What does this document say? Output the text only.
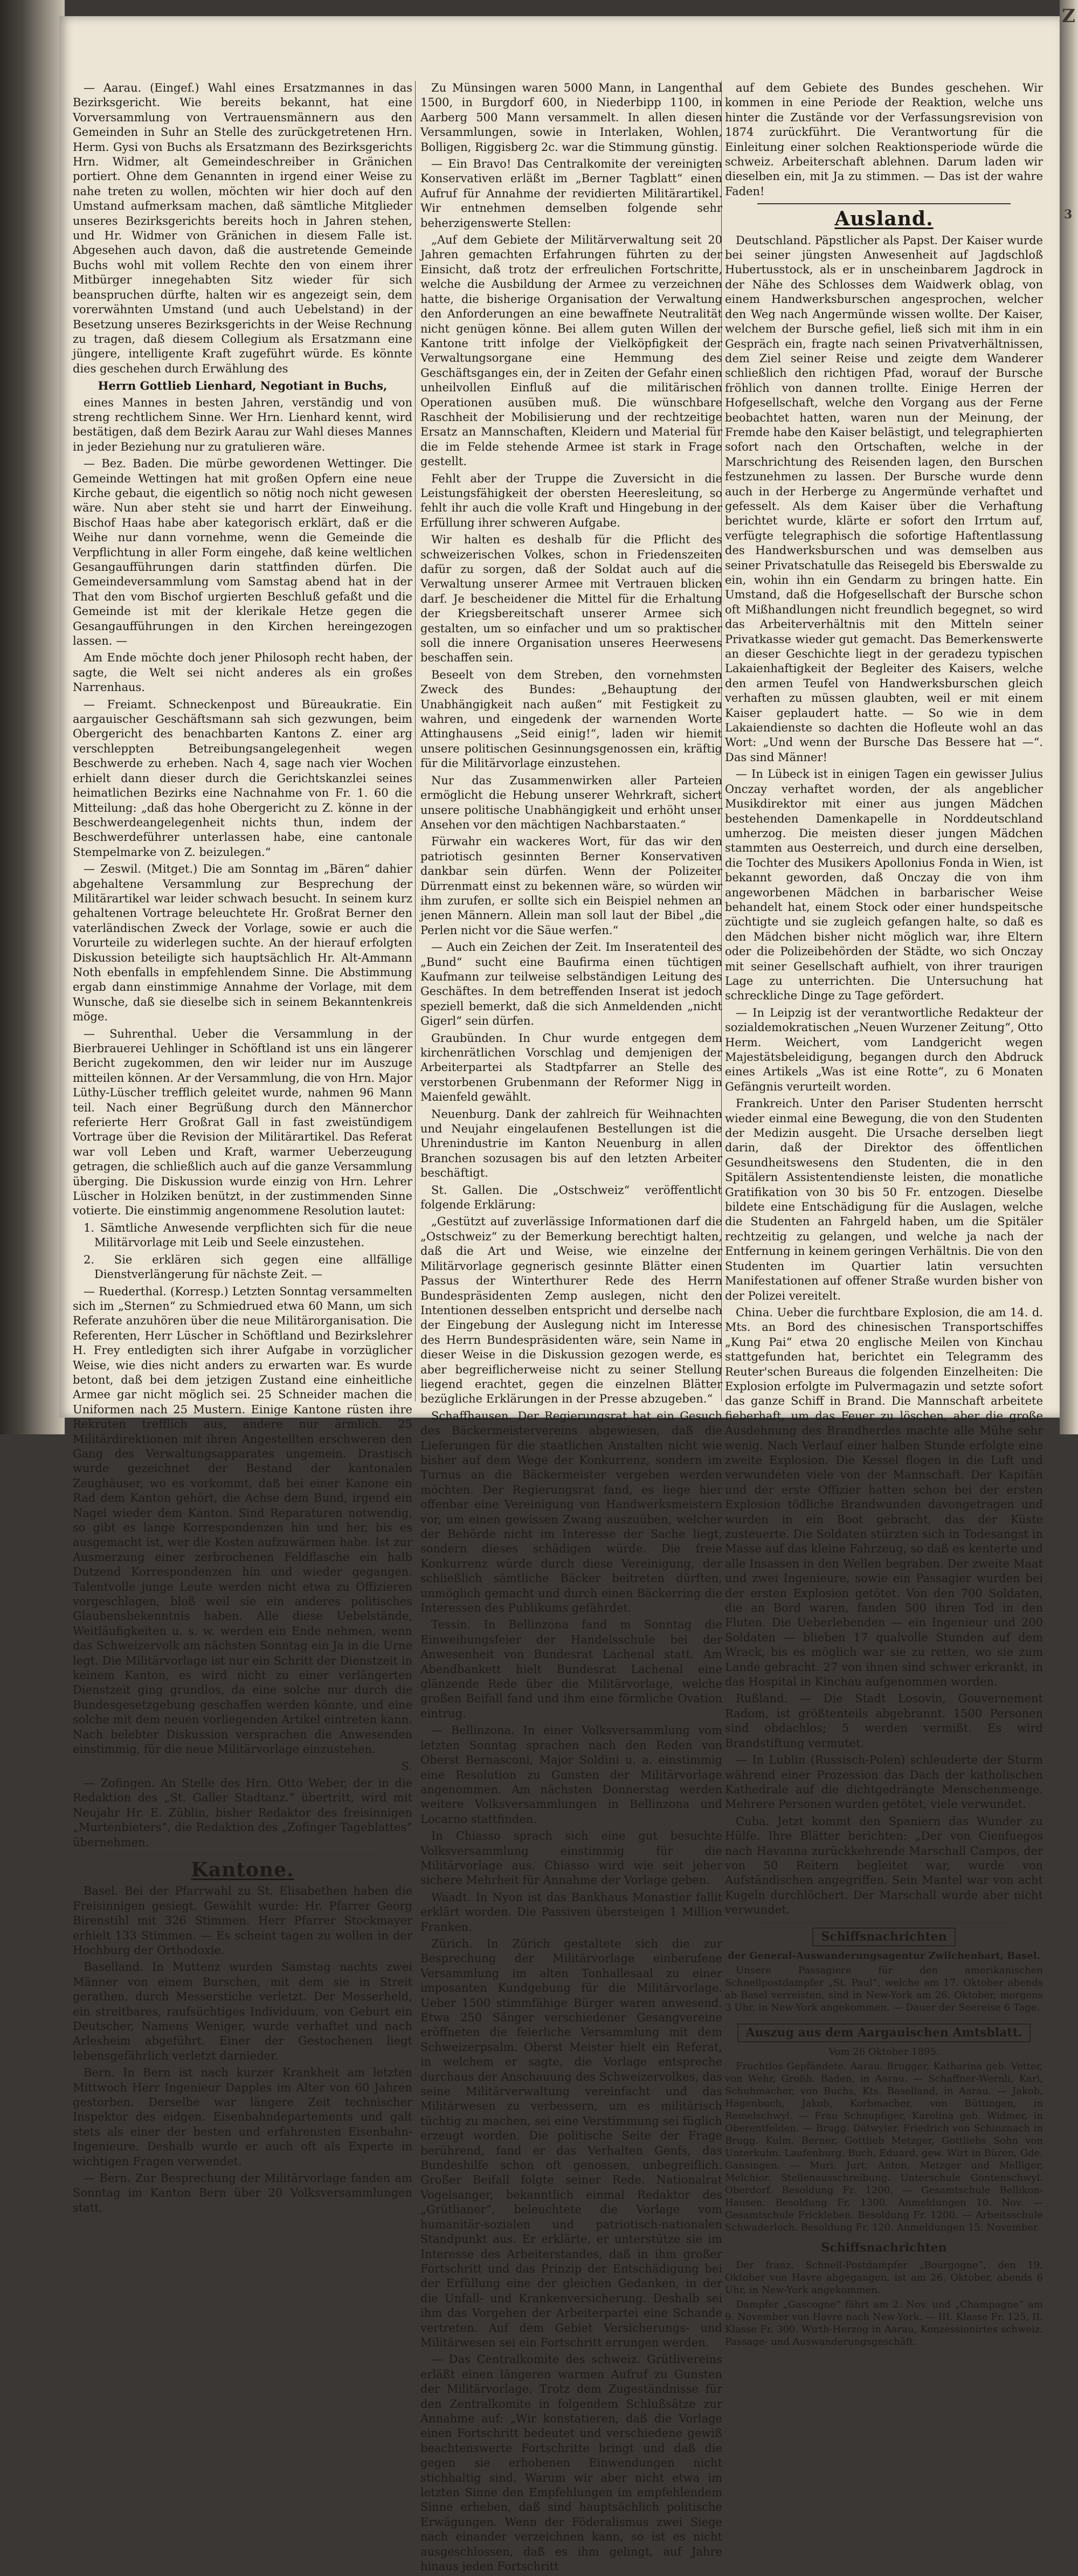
Z
3

— Aarau. (Eingef.) Wahl eines Ersatzmannes in das Bezirksgericht. Wie bereits bekannt, hat eine Vorversammlung von Vertrauensmännern aus den Gemeinden in Suhr an Stelle des zurückgetretenen Hrn. Herm. Gysi von Buchs als Ersatzmann des Bezirksgerichts Hrn. Widmer, alt Gemeindeschreiber in Gränichen portiert. Ohne dem Genannten in irgend einer Weise zu nahe treten zu wollen, möchten wir hier doch auf den Umstand aufmerksam machen, daß sämtliche Mitglieder unseres Bezirksgerichts bereits hoch in Jahren stehen, und Hr. Widmer von Gränichen in diesem Falle ist. Abgesehen auch davon, daß die austretende Gemeinde Buchs wohl mit vollem Rechte den von einem ihrer Mitbürger innegehabten Sitz wieder für sich beanspruchen dürfte, halten wir es angezeigt sein, dem vorerwähnten Umstand (und auch Uebelstand) in der Besetzung unseres Bezirksgerichts in der Weise Rechnung zu tragen, daß diesem Collegium als Ersatzmann eine jüngere, intelligente Kraft zugeführt würde. Es könnte dies geschehen durch Erwählung des

Herrn Gottlieb Lienhard, Negotiant in Buchs,

eines Mannes in besten Jahren, verständig und von streng rechtlichem Sinne. Wer Hrn. Lienhard kennt, wird bestätigen, daß dem Bezirk Aarau zur Wahl dieses Mannes in jeder Beziehung nur zu gratulieren wäre.

— Bez. Baden. Die mürbe gewordenen Wettinger. Die Gemeinde Wettingen hat mit großen Opfern eine neue Kirche gebaut, die eigentlich so nötig noch nicht gewesen wäre. Nun aber steht sie und harrt der Einweihung. Bischof Haas habe aber kategorisch erklärt, daß er die Weihe nur dann vornehme, wenn die Gemeinde die Verpflichtung in aller Form eingehe, daß keine weltlichen Gesangaufführungen darin stattfinden dürfen. Die Gemeindeversammlung vom Samstag abend hat in der That den vom Bischof urgierten Beschluß gefaßt und die Gemeinde ist mit der klerikale Hetze gegen die Gesangaufführungen in den Kirchen hereingezogen lassen. —

Am Ende möchte doch jener Philosoph recht haben, der sagte, die Welt sei nicht anderes als ein großes Narrenhaus.

— Freiamt. Schneckenpost und Büreaukratie. Ein aargauischer Geschäftsmann sah sich gezwungen, beim Obergericht des benachbarten Kantons Z. einer arg verschleppten Betreibungsangelegenheit wegen Beschwerde zu erheben. Nach 4, sage nach vier Wochen erhielt dann dieser durch die Gerichtskanzlei seines heimatlichen Bezirks eine Nachnahme von Fr. 1. 60 die Mitteilung: „daß das hohe Obergericht zu Z. könne in der Beschwerdeangelegenheit nichts thun, indem der Beschwerdeführer unterlassen habe, eine cantonale Stempelmarke von Z. beizulegen.“

— Zeswil. (Mitget.) Die am Sonntag im „Bären“ dahier abgehaltene Versammlung zur Besprechung der Militärartikel war leider schwach besucht. In seinem kurz gehaltenen Vortrage beleuchtete Hr. Großrat Berner den vaterländischen Zweck der Vorlage, sowie er auch die Vorurteile zu widerlegen suchte. An der hierauf erfolgten Diskussion beteiligte sich hauptsächlich Hr. Alt-Ammann Noth ebenfalls in empfehlendem Sinne. Die Abstimmung ergab dann einstimmige Annahme der Vorlage, mit dem Wunsche, daß sie dieselbe sich in seinem Bekanntenkreis möge.

— Suhrenthal. Ueber die Versammlung in der Bierbrauerei Uehlinger in Schöftland ist uns ein längerer Bericht zugekommen, den wir leider nur im Auszuge mitteilen können. Ar der Versammlung, die von Hrn. Major Lüthy-Lüscher trefflich geleitet wurde, nahmen 96 Mann teil. Nach einer Begrüßung durch den Männerchor referierte Herr Großrat Gall in fast zweistündigem Vortrage über die Revision der Militärartikel. Das Referat war voll Leben und Kraft, warmer Ueberzeugung getragen, die schließlich auch auf die ganze Versammlung überging. Die Diskussion wurde einzig von Hrn. Lehrer Lüscher in Holziken benützt, in der zustimmenden Sinne votierte. Die einstimmig angenommene Resolution lautet:

1. Sämtliche Anwesende verpflichten sich für die neue Militärvorlage mit Leib und Seele einzustehen.

2. Sie erklären sich gegen eine allfällige Dienstverlängerung für nächste Zeit. —

— Ruederthal. (Korresp.) Letzten Sonntag versammelten sich im „Sternen“ zu Schmiedrued etwa 60 Mann, um sich Referate anzuhören über die neue Militärorganisation. Die Referenten, Herr Lüscher in Schöftland und Bezirkslehrer H. Frey entledigten sich ihrer Aufgabe in vorzüglicher Weise, wie dies nicht anders zu erwarten war. Es wurde betont, daß bei dem jetzigen Zustand eine einheitliche Armee gar nicht möglich sei. 25 Schneider machen die Uniformen nach 25 Mustern. Einige Kantone rüsten ihre Rekruten trefflich aus, andere nur ärmlich. 25 Militärdirektionen mit ihren Angestellten erschweren den Gang des Verwaltungsapparates ungemein. Drastisch wurde gezeichnet der Bestand der kantonalen Zeughäuser, wo es vorkommt, daß bei einer Kanone ein Rad dem Kanton gehört, die Achse dem Bund, irgend ein Nagel wieder dem Kanton. Sind Reparaturen notwendig, so gibt es lange Korrespondenzen hin und her, bis es ausgemacht ist, wer die Kosten aufzuwärmen habe. Ist zur Ausmerzung einer zerbrochenen Feldflasche ein halb Dutzend Korrespondenzen hin und wieder gegangen. Talentvolle junge Leute werden nicht etwa zu Offizieren vorgeschlagen, bloß weil sie ein anderes politisches Glaubensbekenntnis haben. Alle diese Uebelstände, Weitläufigkeiten u. s. w. werden ein Ende nehmen, wenn das Schweizervolk am nächsten Sonntag ein Ja in die Urne legt. Die Militärvorlage ist nur ein Schritt der Dienstzeit in keinem Kanton, es wird nicht zu einer verlängerten Dienstzeit ging grundlos, da eine solche nur durch die Bundesgesetzgebung geschaffen werden könnte, und eine solche mit dem neuen vorliegenden Artikel eintreten kann. Nach belebter Diskussion versprachen die Anwesenden einstimmig, für die neue Militärvorlage einzustehen.

S.

— Zofingen. An Stelle des Hrn. Otto Weber, der in die Redaktion des „St. Galler Stadtanz.“ übertritt, wird mit Neujahr Hr. E. Züblin, bisher Redaktor des freisinnigen „Murtenbieters“, die Redaktion des „Zofinger Tageblattes“ übernehmen.

Kantone.

Basel. Bei der Pfarrwahl zu St. Elisabethen haben die Freisinnigen gesiegt. Gewählt wurde: Hr. Pfarrer Georg Birenstihl mit 326 Stimmen. Herr Pfarrer Stockmayer erhielt 133 Stimmen. — Es scheint tagen zu wollen in der Hochburg der Orthodoxie.

Baselland. In Muttenz wurden Samstag nachts zwei Männer von einem Burschen, mit dem sie in Streit gerathen, durch Messerstiche verletzt. Der Messerheld, ein streitbares, raufsüchtiges Individuum, von Geburt ein Deutscher, Namens Weniger, wurde verhaftet und nach Arlesheim abgeführt. Einer der Gestochenen liegt lebensgefährlich verletzt darnieder.

Bern. In Bern ist nach kurzer Krankheit am letzten Mittwoch Herr Ingenieur Dapples im Alter von 60 Jahren gestorben. Derselbe war längere Zeit technischer Inspektor des eidgen. Eisenbahndepartements und galt stets als einer der besten und erfahrensten Eisenbahn-Ingenieure. Deshalb wurde er auch oft als Experte in wichtigen Fragen verwendet.

— Bern. Zur Besprechung der Militärvorlage fanden am Sonntag im Kanton Bern über 20 Volksversammlungen statt.

Zu Münsingen waren 5000 Mann, in Langenthal 1500, in Burgdorf 600, in Niederbipp 1100, in Aarberg 500 Mann versammelt. In allen diesen Versammlungen, sowie in Interlaken, Wohlen, Bolligen, Riggisberg 2c. war die Stimmung günstig.

— Ein Bravo! Das Centralkomite der vereinigten Konservativen erläßt im „Berner Tagblatt“ einen Aufruf für Annahme der revidierten Militärartikel. Wir entnehmen demselben folgende sehr beherzigenswerte Stellen:

„Auf dem Gebiete der Militärverwaltung seit 20 Jahren gemachten Erfahrungen führten zu der Einsicht, daß trotz der erfreulichen Fortschritte, welche die Ausbildung der Armee zu verzeichnen hatte, die bisherige Organisation der Verwaltung den Anforderungen an eine bewaffnete Neutralität nicht genügen könne. Bei allem guten Willen der Kantone tritt infolge der Vielköpfigkeit der Verwaltungsorgane eine Hemmung des Geschäftsganges ein, der in Zeiten der Gefahr einen unheilvollen Einfluß auf die militärischen Operationen ausüben muß. Die wünschbare Raschheit der Mobilisierung und der rechtzeitige Ersatz an Mannschaften, Kleidern und Material für die im Felde stehende Armee ist stark in Frage gestellt.

Fehlt aber der Truppe die Zuversicht in die Leistungsfähigkeit der obersten Heeresleitung, so fehlt ihr auch die volle Kraft und Hingebung in der Erfüllung ihrer schweren Aufgabe.

Wir halten es deshalb für die Pflicht des schweizerischen Volkes, schon in Friedenszeiten dafür zu sorgen, daß der Soldat auch auf die Verwaltung unserer Armee mit Vertrauen blicken darf. Je bescheidener die Mittel für die Erhaltung der Kriegsbereitschaft unserer Armee sich gestalten, um so einfacher und um so praktischer soll die innere Organisation unseres Heerwesens beschaffen sein.

Beseelt von dem Streben, den vornehmsten Zweck des Bundes: „Behauptung der Unabhängigkeit nach außen“ mit Festigkeit zu wahren, und eingedenk der warnenden Worte Attinghausens „Seid einig!“, laden wir hiemit unsere politischen Gesinnungsgenossen ein, kräftig für die Militärvorlage einzustehen.

Nur das Zusammenwirken aller Parteien ermöglicht die Hebung unserer Wehrkraft, sichert unsere politische Unabhängigkeit und erhöht unser Ansehen vor den mächtigen Nachbarstaaten.“

Fürwahr ein wackeres Wort, für das wir den patriotisch gesinnten Berner Konservativen dankbar sein dürfen. Wenn der Polizeiter Dürrenmatt einst zu bekennen wäre, so würden wir ihm zurufen, er sollte sich ein Beispiel nehmen an jenen Männern. Allein man soll laut der Bibel „die Perlen nicht vor die Säue werfen.“

— Auch ein Zeichen der Zeit. Im Inseratenteil des „Bund“ sucht eine Baufirma einen tüchtigen Kaufmann zur teilweise selbständigen Leitung des Geschäftes. In dem betreffenden Inserat ist jedoch speziell bemerkt, daß die sich Anmeldenden „nicht Gigerl“ sein dürfen.

Graubünden. In Chur wurde entgegen dem kirchenrätlichen Vorschlag und demjenigen der Arbeiterpartei als Stadtpfarrer an Stelle des verstorbenen Grubenmann der Reformer Nigg in Maienfeld gewählt.

Neuenburg. Dank der zahlreich für Weihnachten und Neujahr eingelaufenen Bestellungen ist die Uhrenindustrie im Kanton Neuenburg in allen Branchen sozusagen bis auf den letzten Arbeiter beschäftigt.

St. Gallen. Die „Ostschweiz“ veröffentlicht folgende Erklärung:

„Gestützt auf zuverlässige Informationen darf die „Ostschweiz“ zu der Bemerkung berechtigt halten, daß die Art und Weise, wie einzelne der Militärvorlage gegnerisch gesinnte Blätter einen Passus der Winterthurer Rede des Herrn Bundespräsidenten Zemp auslegen, nicht den Intentionen desselben entspricht und derselbe nach der Eingebung der Auslegung nicht im Interesse des Herrn Bundespräsidenten wäre, sein Name in dieser Weise in die Diskussion gezogen werde, es aber begreiflicherweise nicht zu seiner Stellung liegend erachtet, gegen die einzelnen Blätter bezügliche Erklärungen in der Presse abzugeben.“

Schaffhausen. Der Regierungsrat hat ein Gesuch des Bäckermeistervereins abgewiesen, daß die Lieferungen für die staatlichen Anstalten nicht wie bisher auf dem Wege der Konkurrenz, sondern im Turnus an die Bäckermeister vergeben werden möchten. Der Regierungsrat fand, es liege hier offenbar eine Vereinigung von Handwerksmeistern vor, um einen gewissen Zwang auszuüben, welcher der Behörde nicht im Interesse der Sache liegt, sondern dieses schädigen würde. Die freie Konkurrenz würde durch diese Vereinigung, der schließlich sämtliche Bäcker beitreten dürften, unmöglich gemacht und durch einen Bäckerring die Interessen des Publikums gefährdet.

Tessin. In Bellinzona fand m Sonntag die Einweihungsfeier der Handelsschule bei der Anwesenheit von Bundesrat Lachenal statt. Am Abendbankett hielt Bundesrat Lachenal eine glänzende Rede über die Militärvorlage, welche großen Beifall fand und ihm eine förmliche Ovation eintrug.

— Bellinzona. In einer Volksversammlung vom letzten Sonntag sprachen nach den Reden von Oberst Bernasconi, Major Soldini u. a. einstimmig eine Resolution zu Gunsten der Militärvorlage angenommen. Am nächsten Donnerstag werden weitere Volksversammlungen in Bellinzona und Locarno stattfinden.

In Chiasso sprach sich eine gut besuchte Volksversammlung einstimmig für die Militärvorlage aus. Chiasso wird wie seit jeher sichere Mehrheit für Annahme der Vorlage geben.

Waadt. In Nyon ist das Bankhaus Monastier fallit erklärt worden. Die Passiven übersteigen 1 Million Franken.

Zürich. In Zürich gestaltete sich die zur Besprechung der Militärvorlage einberufene Versammlung im alten Tonhallesaal zu einer imposanten Kundgebung für die Militärvorlage. Ueber 1500 stimmfähige Bürger waren anwesend. Etwa 250 Sänger verschiedener Gesangvereine eröffneten die feierliche Versammlung mit dem Schweizerpsalm. Oberst Meister hielt ein Referat, in welchem er sagte, die Vorlage entspreche durchaus der Anschauung des Schweizervolkes, das seine Militärverwaltung vereinfacht und das Militärwesen zu verbessern, um es militärisch tüchtig zu machen, sei eine Verstimmung sei füglich erzeugt worden. Die politische Seite der Frage berührend, fand er das Verhalten Genfs, das Bundeshilfe schon oft genossen, unbegreiflich. Großer Beifall folgte seiner Rede. Nationalrat Vogelsanger, bekanntlich einmal Redaktor des „Grütlianer“, beleuchtete die Vorlage vom humanitär-sozialen und patriotisch-nationalen Standpunkt aus. Er erklärte, er unterstütze sie im Interesse des Arbeiterstandes, daß in ihm großer Fortschritt und das Prinzip der Entschädigung bei der Erfüllung eine der gleichen Gedanken, in der die Unfall- und Krankenversicherung. Deshalb sei ihm das Vorgehen der Arbeiterpartei eine Schande vertreten. Auf dem Gebiet Versicherungs- und Militärwesen sei ein Fortschritt errungen werden.

— Das Centralkomite des schweiz. Grütlivereins erläßt einen längeren warmen Aufruf zu Gunsten der Militärvorlage. Trotz dem Zugeständnisse für den Zentralkomite in folgendem Schlußsätze zur Annahme auf: „Wir konstatieren, daß die Vorlage einen Fortschritt bedeutet und verschiedene gewiß beachtenswerte Fortschritte bringt und daß die gegen sie erhobenen Einwendungen nicht stichhaltig sind. Warum wir aber nicht etwa im letzten Sinne den Empfehlungen im empfehlendem Sinne erheben, daß sind hauptsächlich politische Erwägungen. Wenn der Föderalismus zwei Siege nach einander verzeichnen kann, so ist es nicht ausgeschlossen, daß es ihm gelingt, auf Jahre hinaus jeden Fortschritt

auf dem Gebiete des Bundes geschehen. Wir kommen in eine Periode der Reaktion, welche uns hinter die Zustände vor der Verfassungsrevision von 1874 zurückführt. Die Verantwortung für die Einleitung einer solchen Reaktionsperiode würde die schweiz. Arbeiterschaft ablehnen. Darum laden wir dieselben ein, mit Ja zu stimmen. — Das ist der wahre Faden!

Ausland.

Deutschland. Päpstlicher als Papst. Der Kaiser wurde bei seiner jüngsten Anwesenheit auf Jagdschloß Hubertusstock, als er in unscheinbarem Jagdrock in der Nähe des Schlosses dem Waidwerk oblag, von einem Handwerksburschen angesprochen, welcher den Weg nach Angermünde wissen wollte. Der Kaiser, welchem der Bursche gefiel, ließ sich mit ihm in ein Gespräch ein, fragte nach seinen Privatverhältnissen, dem Ziel seiner Reise und zeigte dem Wanderer schließlich den richtigen Pfad, worauf der Bursche fröhlich von dannen trollte. Einige Herren der Hofgesellschaft, welche den Vorgang aus der Ferne beobachtet hatten, waren nun der Meinung, der Fremde habe den Kaiser belästigt, und telegraphierten sofort nach den Ortschaften, welche in der Marschrichtung des Reisenden lagen, den Burschen festzunehmen zu lassen. Der Bursche wurde denn auch in der Herberge zu Angermünde verhaftet und gefesselt. Als dem Kaiser über die Verhaftung berichtet wurde, klärte er sofort den Irrtum auf, verfügte telegraphisch die sofortige Haftentlassung des Handwerksburschen und was demselben aus seiner Privatschatulle das Reisegeld bis Eberswalde zu ein, wohin ihn ein Gendarm zu bringen hatte. Ein Umstand, daß die Hofgesellschaft der Bursche schon oft Mißhandlungen nicht freundlich begegnet, so wird das Arbeiterverhältnis mit den Mitteln seiner Privatkasse wieder gut gemacht. Das Bemerkenswerte an dieser Geschichte liegt in der geradezu typischen Lakaienhaftigkeit der Begleiter des Kaisers, welche den armen Teufel von Handwerksburschen gleich verhaften zu müssen glaubten, weil er mit einem Kaiser geplaudert hatte. — So wie in dem Lakaiendienste so dachten die Hofleute wohl an das Wort: „Und wenn der Bursche Das Bessere hat —“. Das sind Männer!

— In Lübeck ist in einigen Tagen ein gewisser Julius Onczay verhaftet worden, der als angeblicher Musikdirektor mit einer aus jungen Mädchen bestehenden Damenkapelle in Norddeutschland umherzog. Die meisten dieser jungen Mädchen stammten aus Oesterreich, und durch eine derselben, die Tochter des Musikers Apollonius Fonda in Wien, ist bekannt geworden, daß Onczay die von ihm angeworbenen Mädchen in barbarischer Weise behandelt hat, einem Stock oder einer hundspeitsche züchtigte und sie zugleich gefangen halte, so daß es den Mädchen bisher nicht möglich war, ihre Eltern oder die Polizeibehörden der Städte, wo sich Onczay mit seiner Gesellschaft aufhielt, von ihrer traurigen Lage zu unterrichten. Die Untersuchung hat schreckliche Dinge zu Tage gefördert.

— In Leipzig ist der verantwortliche Redakteur der sozialdemokratischen „Neuen Wurzener Zeitung“, Otto Herm. Weichert, vom Landgericht wegen Majestätsbeleidigung, begangen durch den Abdruck eines Artikels „Was ist eine Rotte“, zu 6 Monaten Gefängnis verurteilt worden.

Frankreich. Unter den Pariser Studenten herrscht wieder einmal eine Bewegung, die von den Studenten der Medizin ausgeht. Die Ursache derselben liegt darin, daß der Direktor des öffentlichen Gesundheitswesens den Studenten, die in den Spitälern Assistentendienste leisten, die monatliche Gratifikation von 30 bis 50 Fr. entzogen. Dieselbe bildete eine Entschädigung für die Auslagen, welche die Studenten an Fahrgeld haben, um die Spitäler rechtzeitig zu gelangen, und welche ja nach der Entfernung in keinem geringen Verhältnis. Die von den Studenten im Quartier latin versuchten Manifestationen auf offener Straße wurden bisher von der Polizei vereitelt.

China. Ueber die furchtbare Explosion, die am 14. d. Mts. an Bord des chinesischen Transportschiffes „Kung Pai“ etwa 20 englische Meilen von Kinchau stattgefunden hat, berichtet ein Telegramm des Reuter'schen Bureaus die folgenden Einzelheiten: Die Explosion erfolgte im Pulvermagazin und setzte sofort das ganze Schiff in Brand. Die Mannschaft arbeitete fieberhaft, um das Feuer zu löschen, aber die große Ausdehnung des Brandherdes machte alle Mühe sehr wenig. Nach Verlauf einer halben Stunde erfolgte eine zweite Explosion. Die Kessel flogen in die Luft und verwundeten viele von der Mannschaft. Der Kapitän und der erste Offizier hatten schon bei der ersten Explosion tödliche Brandwunden davongetragen und wurden in ein Boot gebracht, das der Küste zusteuerte. Die Soldaten stürzten sich in Todesangst in Masse auf das kleine Fahrzeug, so daß es kenterte und alle Insassen in den Wellen begraben. Der zweite Maat und zwei Ingenieure, sowie ein Passagier wurden bei der ersten Explosion getötet. Von den 700 Soldaten, die an Bord waren, fanden 500 ihren Tod in den Fluten. Die Ueberlebenden — ein Ingenieur und 200 Soldaten — blieben 17 qualvolle Stunden auf dem Wrack, bis es möglich war sie zu retten, wo sie zum Lande gebracht. 27 von ihnen sind schwer erkrankt, in das Hospital in Kinchau aufgenommen worden.

Rußland. — Die Stadt Losovin, Gouvernement Radom, ist größtenteils abgebrannt. 1500 Personen sind obdachlos; 5 werden vermißt. Es wird Brandstiftung vermutet.

— In Lublin (Russisch-Polen) schleuderte der Sturm während einer Prozession das Dach der katholischen Kathedrale auf die dichtgedrängte Menschenmenge. Mehrere Personen wurden getötet, viele verwundet.

Cuba. Jetzt kommt den Spaniern das Wunder zu Hülfe. Ihre Blätter berichten: „Der von Cienfuegos nach Havanna zurückkehrende Marschall Campos, der von 50 Reitern begleitet war, wurde von Aufständischen angegriffen. Sein Mantel war von acht Kugeln durchlöchert. Der Marschall wurde aber nicht verwundet.

Schiffsnachrichten

der General-Auswanderungsagentur Zwilchenbart, Basel.

Unsere Passagiere für den amerikanischen Schnellpostdampfer „St. Paul“, welche am 17. Oktober abends ab Basel verreisten, sind in New-York am 26. Oktober, morgens 3 Uhr, in New-York angekommen. — Dauer der Seereise 6 Tage.

Auszug aus dem Aargauischen Amtsblatt.

Vom 26 Oktober 1895.

Fruchtlos Gepfändete. Aarau. Brugger, Katharina geb. Vetter, von Wehr, Großh. Baden, in Aarau. — Schaffner-Wernli, Karl, Schuhmacher, von Buchs, Kts. Baselland, in Aarau. — Jakob, Hagenbuch, Jakob, Korbmacher, von Büttingen, in Remelschwyl. — Frau Schnupfiger, Karolina geb. Widmer, in Oberentfelden. — Brugg. Dätwyler, Friedrich von Schinznach in Brugg. Kulm. Berner, Gottlieb Metzger, Gottliebs Sohn von Unterkulm. Laufenburg. Buch, Eduard, gew. Wirt in Büren, Gde. Gansingen. — Muri. Jurt, Anton, Metzger und Melliger, Melchior. Stellenausschreibung. Unterschule Gontenschwyl. Oberdorf. Besoldung Fr. 1200. — Gesamtschule Bellikon-Hausen. Besoldung Fr. 1300. Anmeldungen 10. Nov. — Gesamtschule Frickleben. Besoldung Fr. 1200. — Arbeitsschule Schwaderloch. Besoldung Fr. 120. Anmeldungen 15. November.

Schiffsnachrichten

Der franz. Schnell-Postdampfer „Bourgogne“, den 19. Oktober von Havre abgegangen, ist am 26. Oktober, abends 6 Uhr, in New-York angekommen.

Dampfer „Gascogne“ fährt am 2. Nov. und „Champagne“ am 9. November von Havre nach New-York. — III. Klasse Fr. 125, II. Klasse Fr. 300. Wirth-Herzog in Aarau, Konzessionirtes schweiz. Passage- und Auswanderungsgeschäft.
